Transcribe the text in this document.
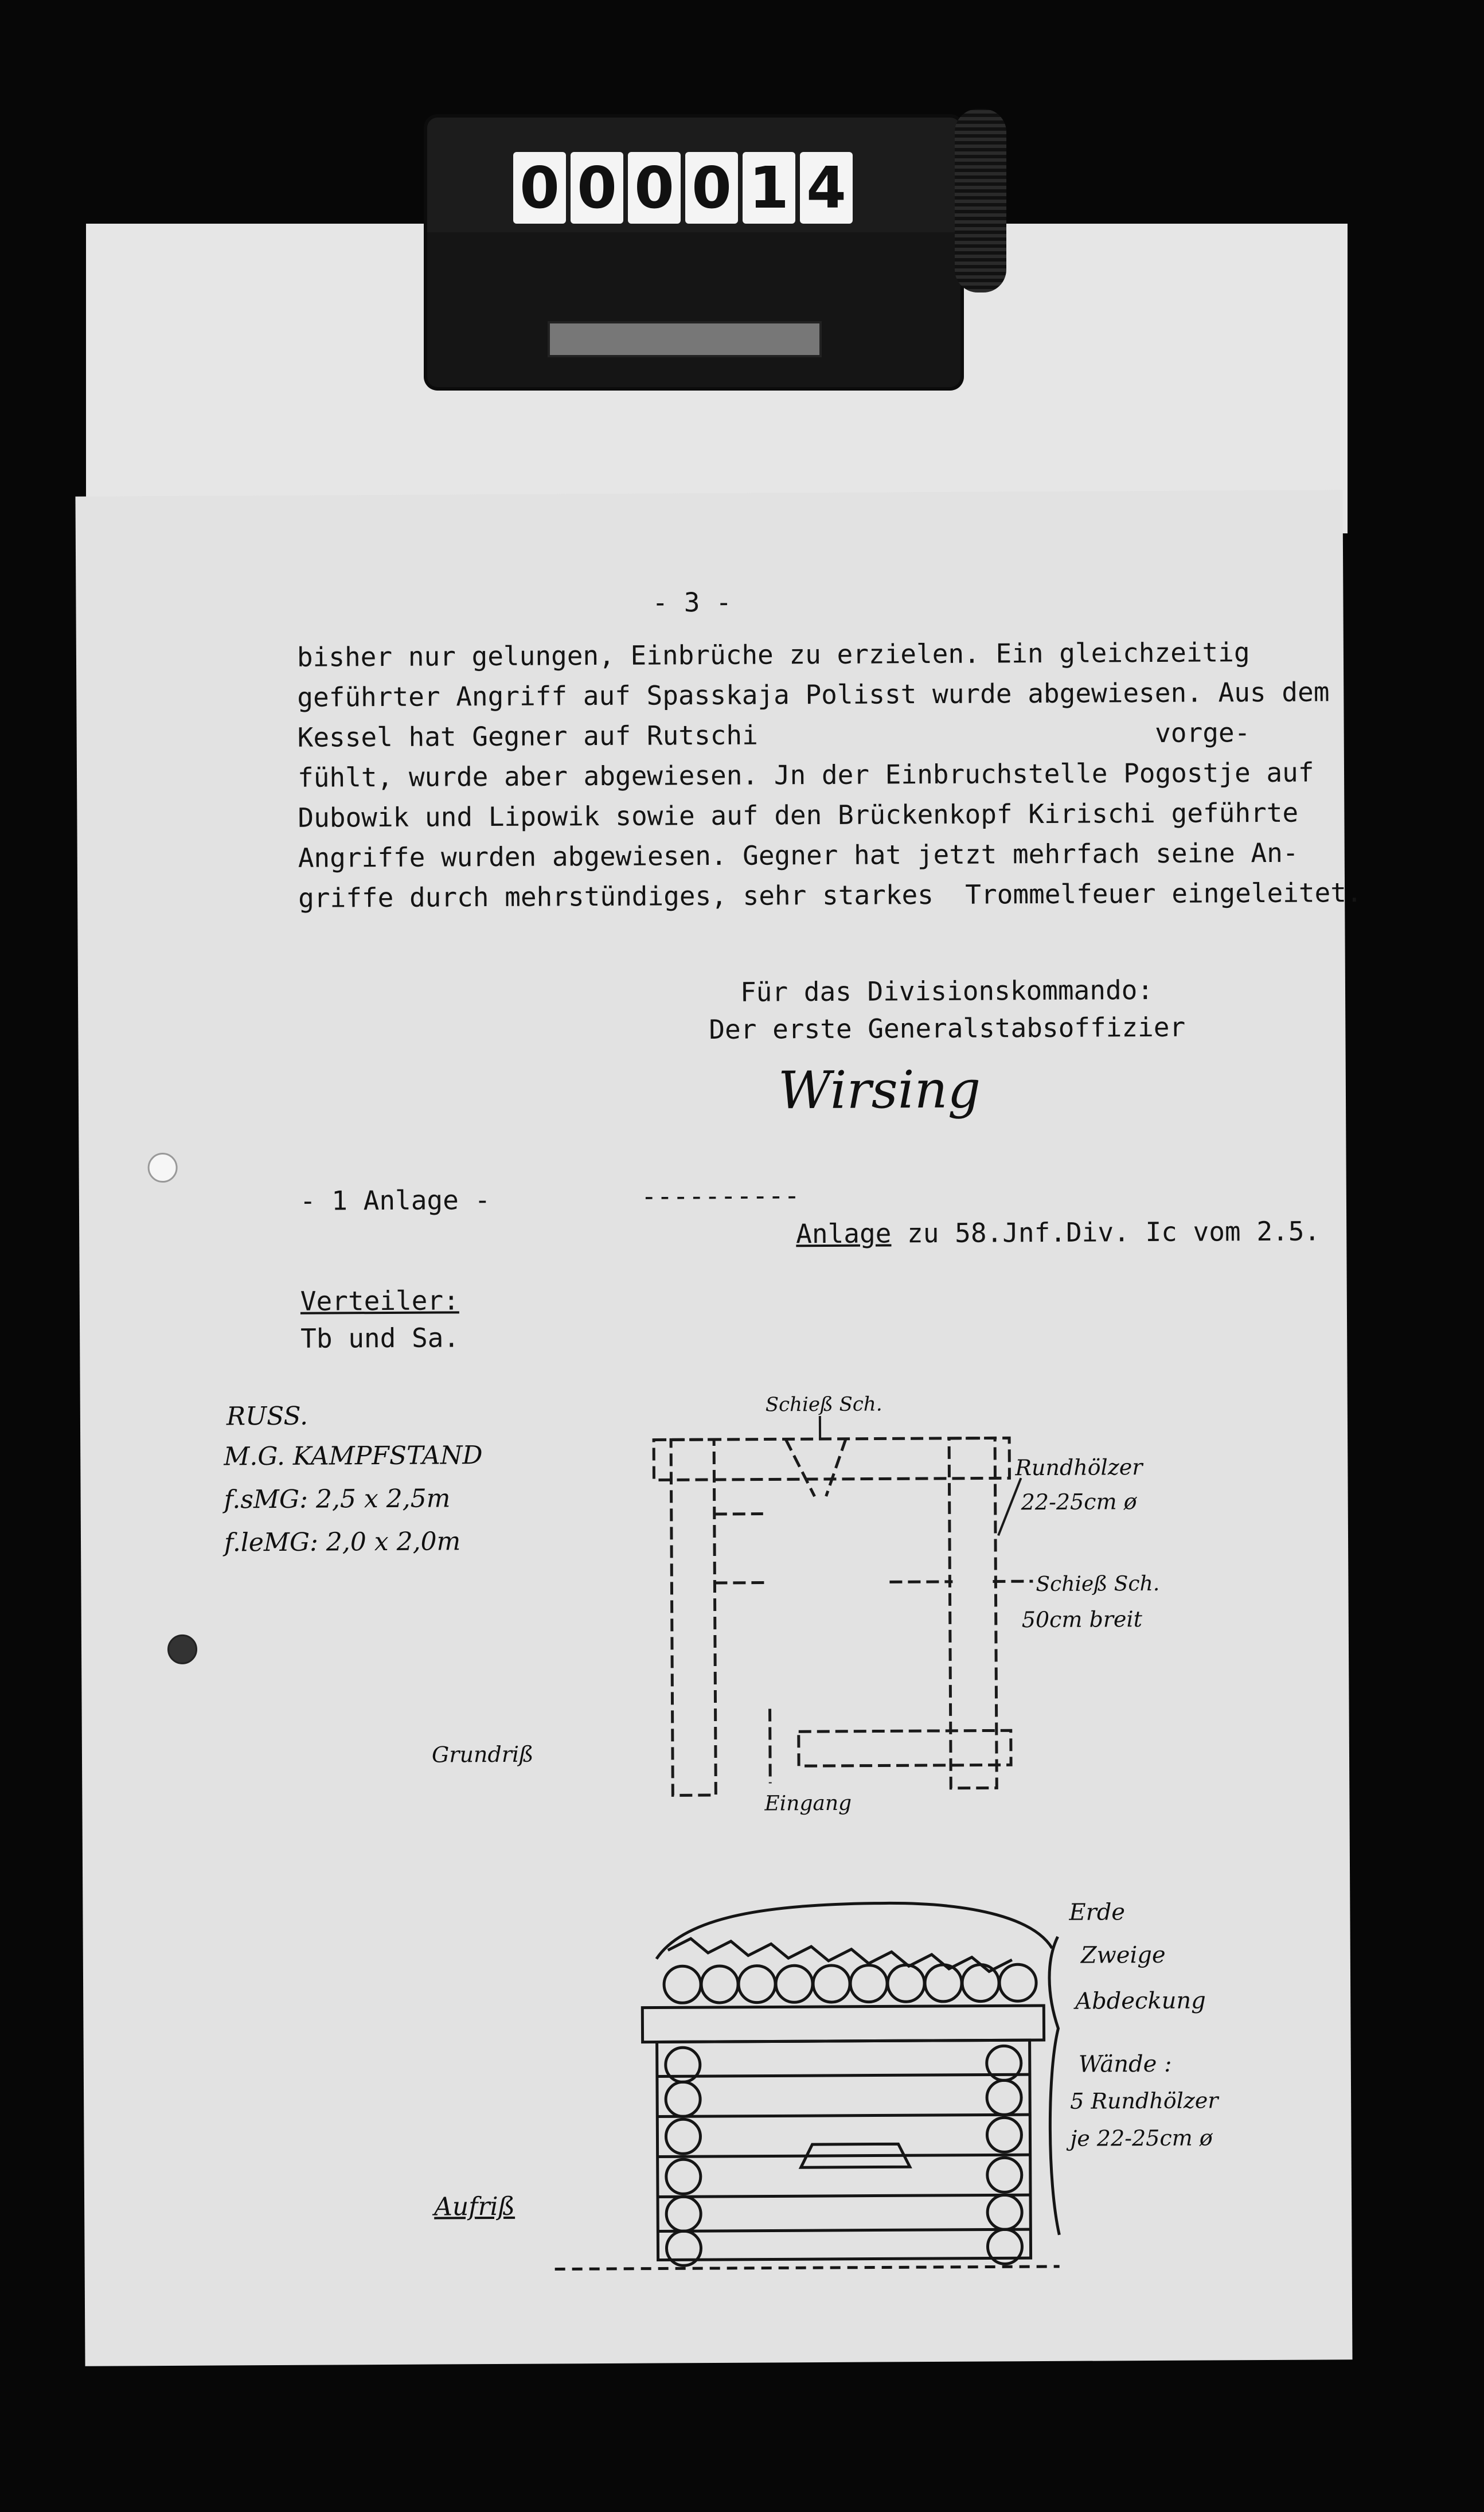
0 0 0 0 1 4
- 3 -
bisher nur gelungen, Einbrüche zu erzielen. Ein gleichzeitig
geführter Angriff auf Spasskaja Polisst wurde abgewiesen. Aus dem
Kessel hat Gegner auf Rutschi                         vorge-
fühlt, wurde aber abgewiesen. Jn der Einbruchstelle Pogostje auf
Dubowik und Lipowik sowie auf den Brückenkopf Kirischi geführte
Angriffe wurden abgewiesen. Gegner hat jetzt mehrfach seine An-
griffe durch mehrstündiges, sehr starkes  Trommelfeuer eingeleitet.
Für das Divisionskommando:
Der erste Generalstabsoffizier
Wirsing
- 1 Anlage -	----------
Anlage zu 58.Jnf.Div. Ic vom 2.5.
Verteiler:
Tb und Sa.
RUSS.
M.G. KAMPFSTAND
f.sMG: 2,5 x 2,5m
f.leMG: 2,0 x 2,0m
Schieß Sch.
Rundhölzer
22-25cm ø
Schieß Sch.
50cm breit
Grundriß
Eingang
Erde
Zweige
Abdeckung
Wände :
5 Rundhölzer
je 22-25cm ø
Aufriß
